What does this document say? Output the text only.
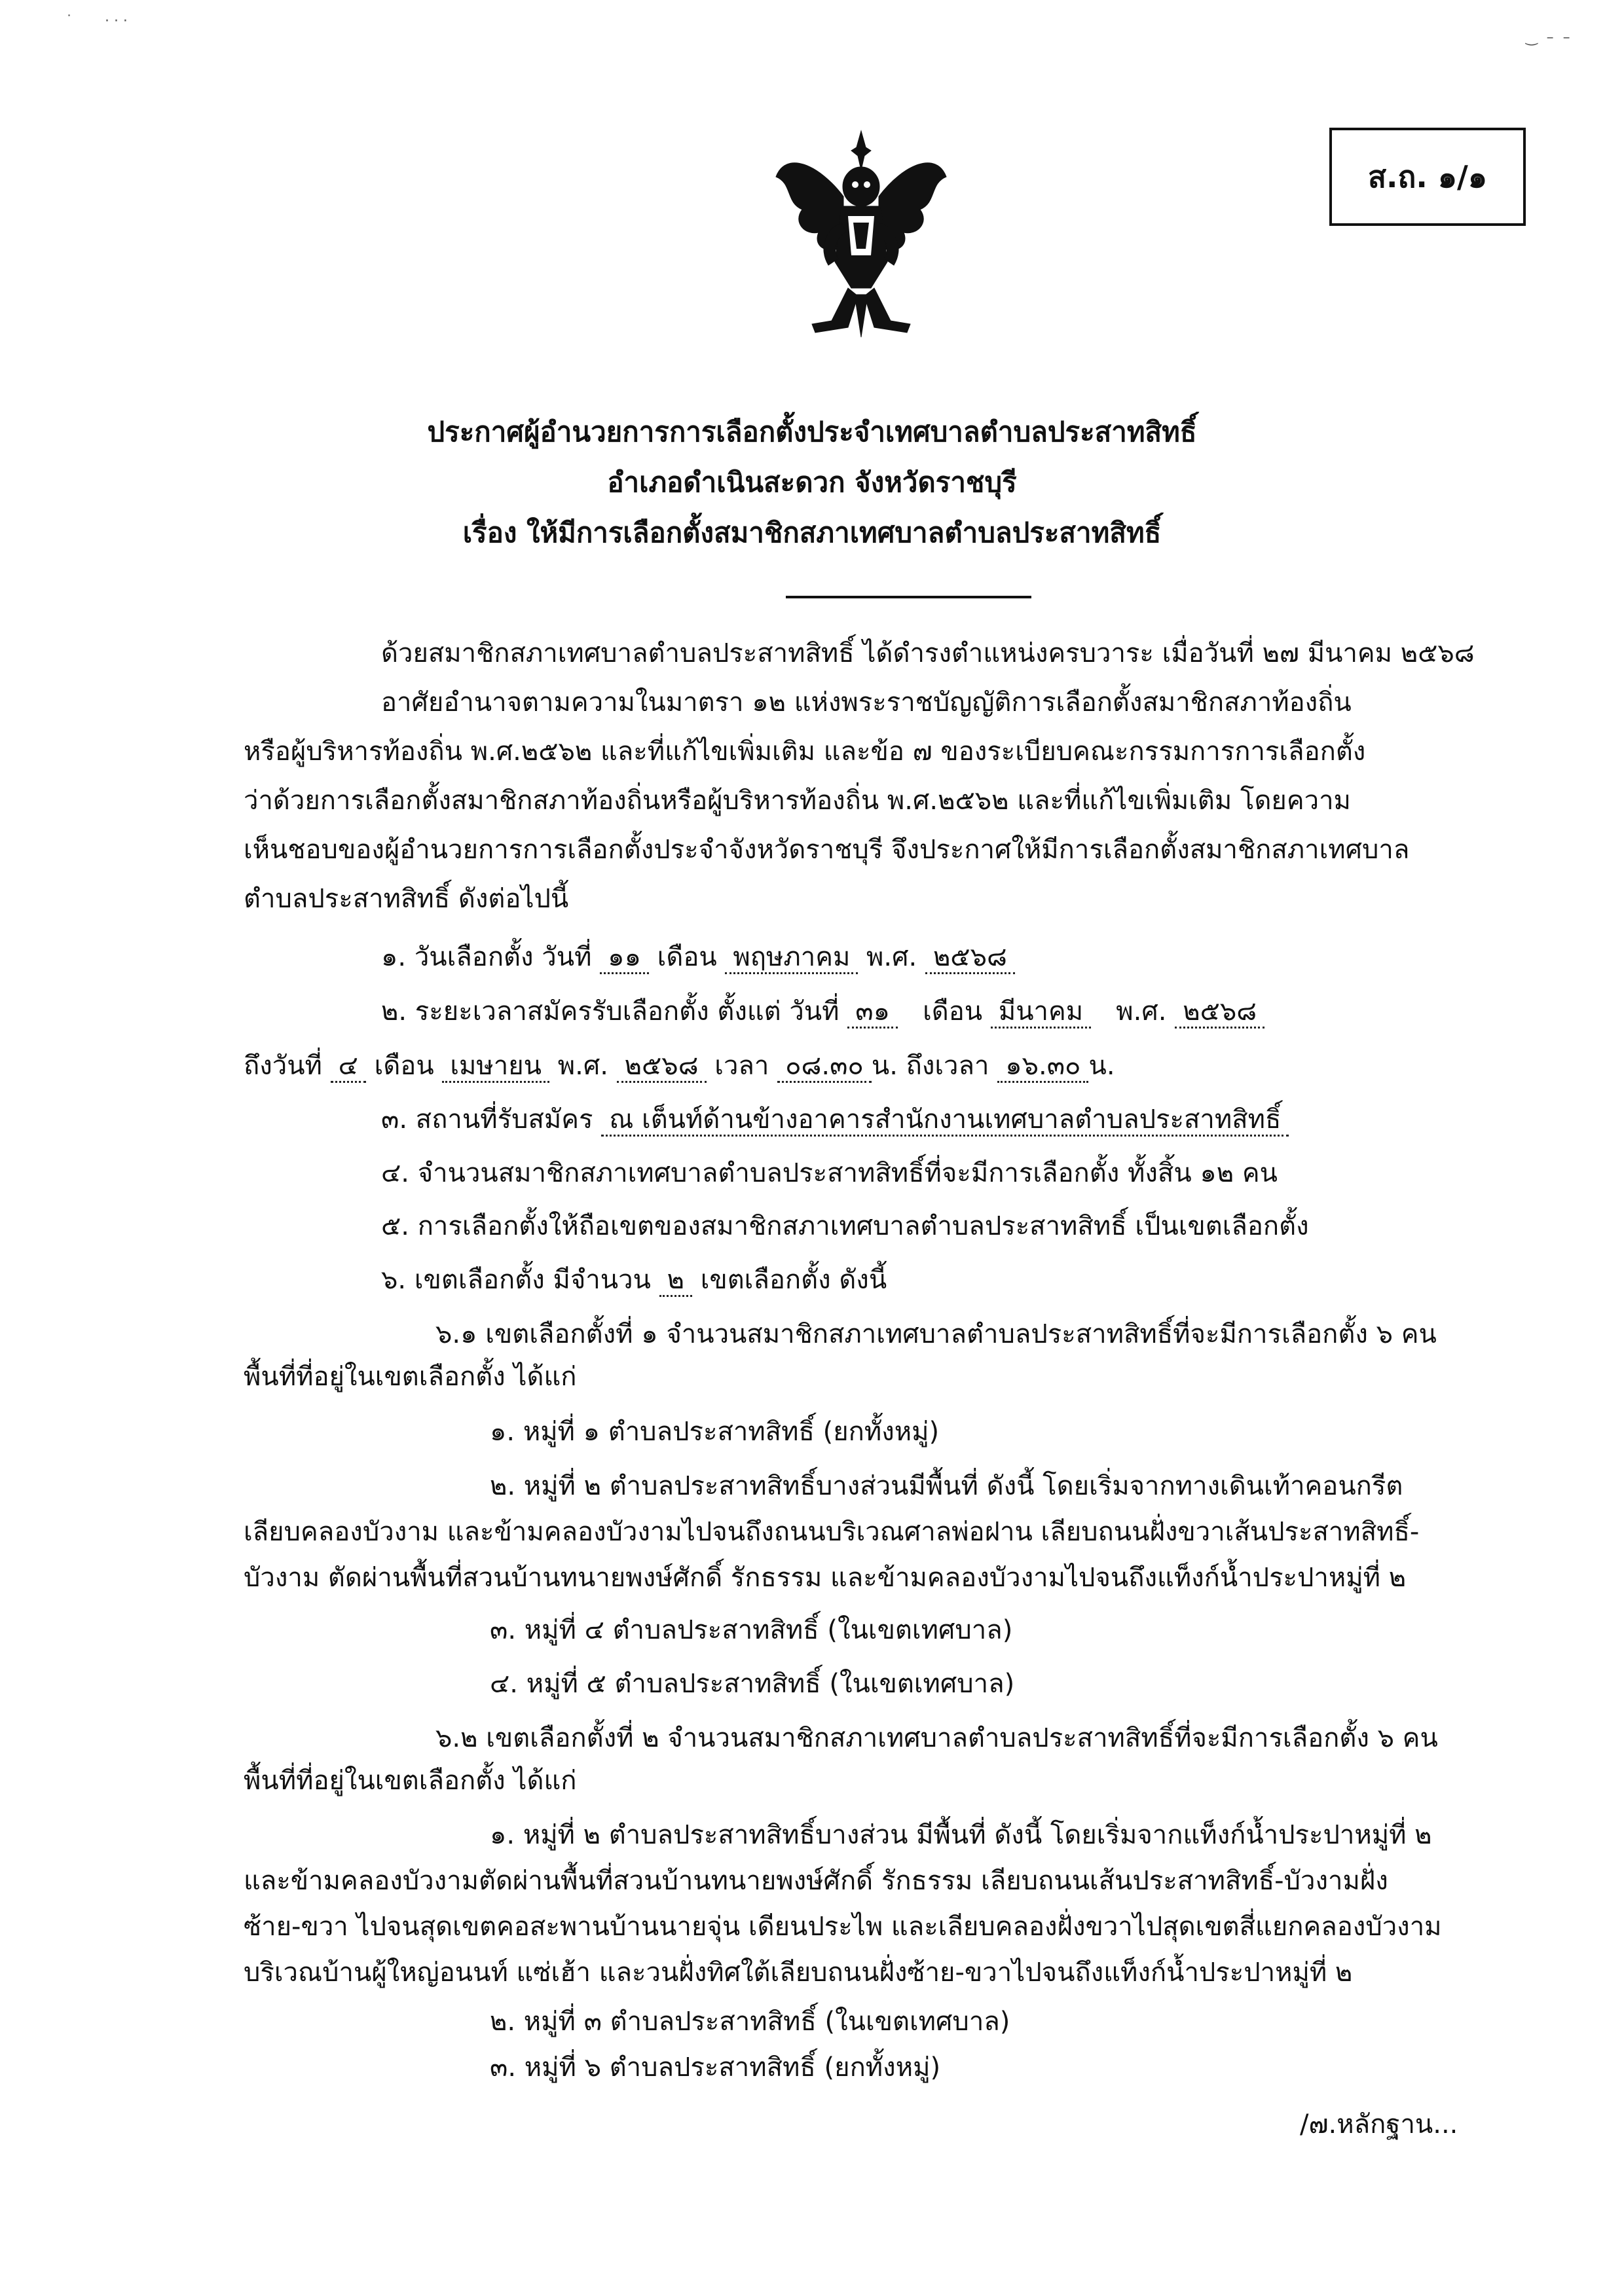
˙       · · ·
‿  –  –
ส.ถ. ๑/๑
ประกาศผู้อำนวยการการเลือกตั้งประจำเทศบาลตำบลประสาทสิทธิ์
อำเภอดำเนินสะดวก จังหวัดราชบุรี
เรื่อง ให้มีการเลือกตั้งสมาชิกสภาเทศบาลตำบลประสาทสิทธิ์
ด้วยสมาชิกสภาเทศบาลตำบลประสาทสิทธิ์ ได้ดำรงตำแหน่งครบวาระ เมื่อวันที่ ๒๗ มีนาคม ๒๕๖๘
อาศัยอำนาจตามความในมาตรา ๑๒ แห่งพระราชบัญญัติการเลือกตั้งสมาชิกสภาท้องถิ่น
หรือผู้บริหารท้องถิ่น พ.ศ.๒๕๖๒ และที่แก้ไขเพิ่มเติม และข้อ ๗ ของระเบียบคณะกรรมการการเลือกตั้ง
ว่าด้วยการเลือกตั้งสมาชิกสภาท้องถิ่นหรือผู้บริหารท้องถิ่น พ.ศ.๒๕๖๒ และที่แก้ไขเพิ่มเติม โดยความ
เห็นชอบของผู้อำนวยการการเลือกตั้งประจำจังหวัดราชบุรี จึงประกาศให้มีการเลือกตั้งสมาชิกสภาเทศบาล
ตำบลประสาทสิทธิ์ ดังต่อไปนี้
๑. วันเลือกตั้ง วันที่ ๑๑ เดือน พฤษภาคม พ.ศ. ๒๕๖๘
๒. ระยะเวลาสมัครรับเลือกตั้ง ตั้งแต่ วันที่ ๓๑ เดือน มีนาคม พ.ศ. ๒๕๖๘
ถึงวันที่ ๔ เดือน เมษายน พ.ศ. ๒๕๖๘ เวลา ๐๘.๓๐ น. ถึงเวลา ๑๖.๓๐ น.
๓. สถานที่รับสมัคร ณ เต็นท์ด้านข้างอาคารสำนักงานเทศบาลตำบลประสาทสิทธิ์
๔. จำนวนสมาชิกสภาเทศบาลตำบลประสาทสิทธิ์ที่จะมีการเลือกตั้ง ทั้งสิ้น ๑๒ คน
๕. การเลือกตั้งให้ถือเขตของสมาชิกสภาเทศบาลตำบลประสาทสิทธิ์ เป็นเขตเลือกตั้ง
๖. เขตเลือกตั้ง มีจำนวน ๒ เขตเลือกตั้ง ดังนี้
๖.๑ เขตเลือกตั้งที่ ๑ จำนวนสมาชิกสภาเทศบาลตำบลประสาทสิทธิ์ที่จะมีการเลือกตั้ง ๖ คน
พื้นที่ที่อยู่ในเขตเลือกตั้ง ได้แก่
๑. หมู่ที่ ๑ ตำบลประสาทสิทธิ์ (ยกทั้งหมู่)
๒. หมู่ที่ ๒ ตำบลประสาทสิทธิ์บางส่วนมีพื้นที่ ดังนี้ โดยเริ่มจากทางเดินเท้าคอนกรีต
เลียบคลองบัวงาม และข้ามคลองบัวงามไปจนถึงถนนบริเวณศาลพ่อฝาน เลียบถนนฝั่งขวาเส้นประสาทสิทธิ์-
บัวงาม ตัดผ่านพื้นที่สวนบ้านทนายพงษ์ศักดิ์ รักธรรม และข้ามคลองบัวงามไปจนถึงแท็งก์น้ำประปาหมู่ที่ ๒
๓. หมู่ที่ ๔ ตำบลประสาทสิทธิ์ (ในเขตเทศบาล)
๔. หมู่ที่ ๕ ตำบลประสาทสิทธิ์ (ในเขตเทศบาล)
๖.๒ เขตเลือกตั้งที่ ๒ จำนวนสมาชิกสภาเทศบาลตำบลประสาทสิทธิ์ที่จะมีการเลือกตั้ง ๖ คน
พื้นที่ที่อยู่ในเขตเลือกตั้ง ได้แก่
๑. หมู่ที่ ๒ ตำบลประสาทสิทธิ์บางส่วน มีพื้นที่ ดังนี้ โดยเริ่มจากแท็งก์น้ำประปาหมู่ที่ ๒
และข้ามคลองบัวงามตัดผ่านพื้นที่สวนบ้านทนายพงษ์ศักดิ์ รักธรรม เลียบถนนเส้นประสาทสิทธิ์-บัวงามฝั่ง
ซ้าย-ขวา ไปจนสุดเขตคอสะพานบ้านนายจุ่น เดียนประไพ และเลียบคลองฝั่งขวาไปสุดเขตสี่แยกคลองบัวงาม
บริเวณบ้านผู้ใหญ่อนนท์ แซ่เฮ้า และวนฝั่งทิศใต้เลียบถนนฝั่งซ้าย-ขวาไปจนถึงแท็งก์น้ำประปาหมู่ที่ ๒
๒. หมู่ที่ ๓ ตำบลประสาทสิทธิ์ (ในเขตเทศบาล)
๓. หมู่ที่ ๖ ตำบลประสาทสิทธิ์ (ยกทั้งหมู่)
/๗.หลักฐาน...
